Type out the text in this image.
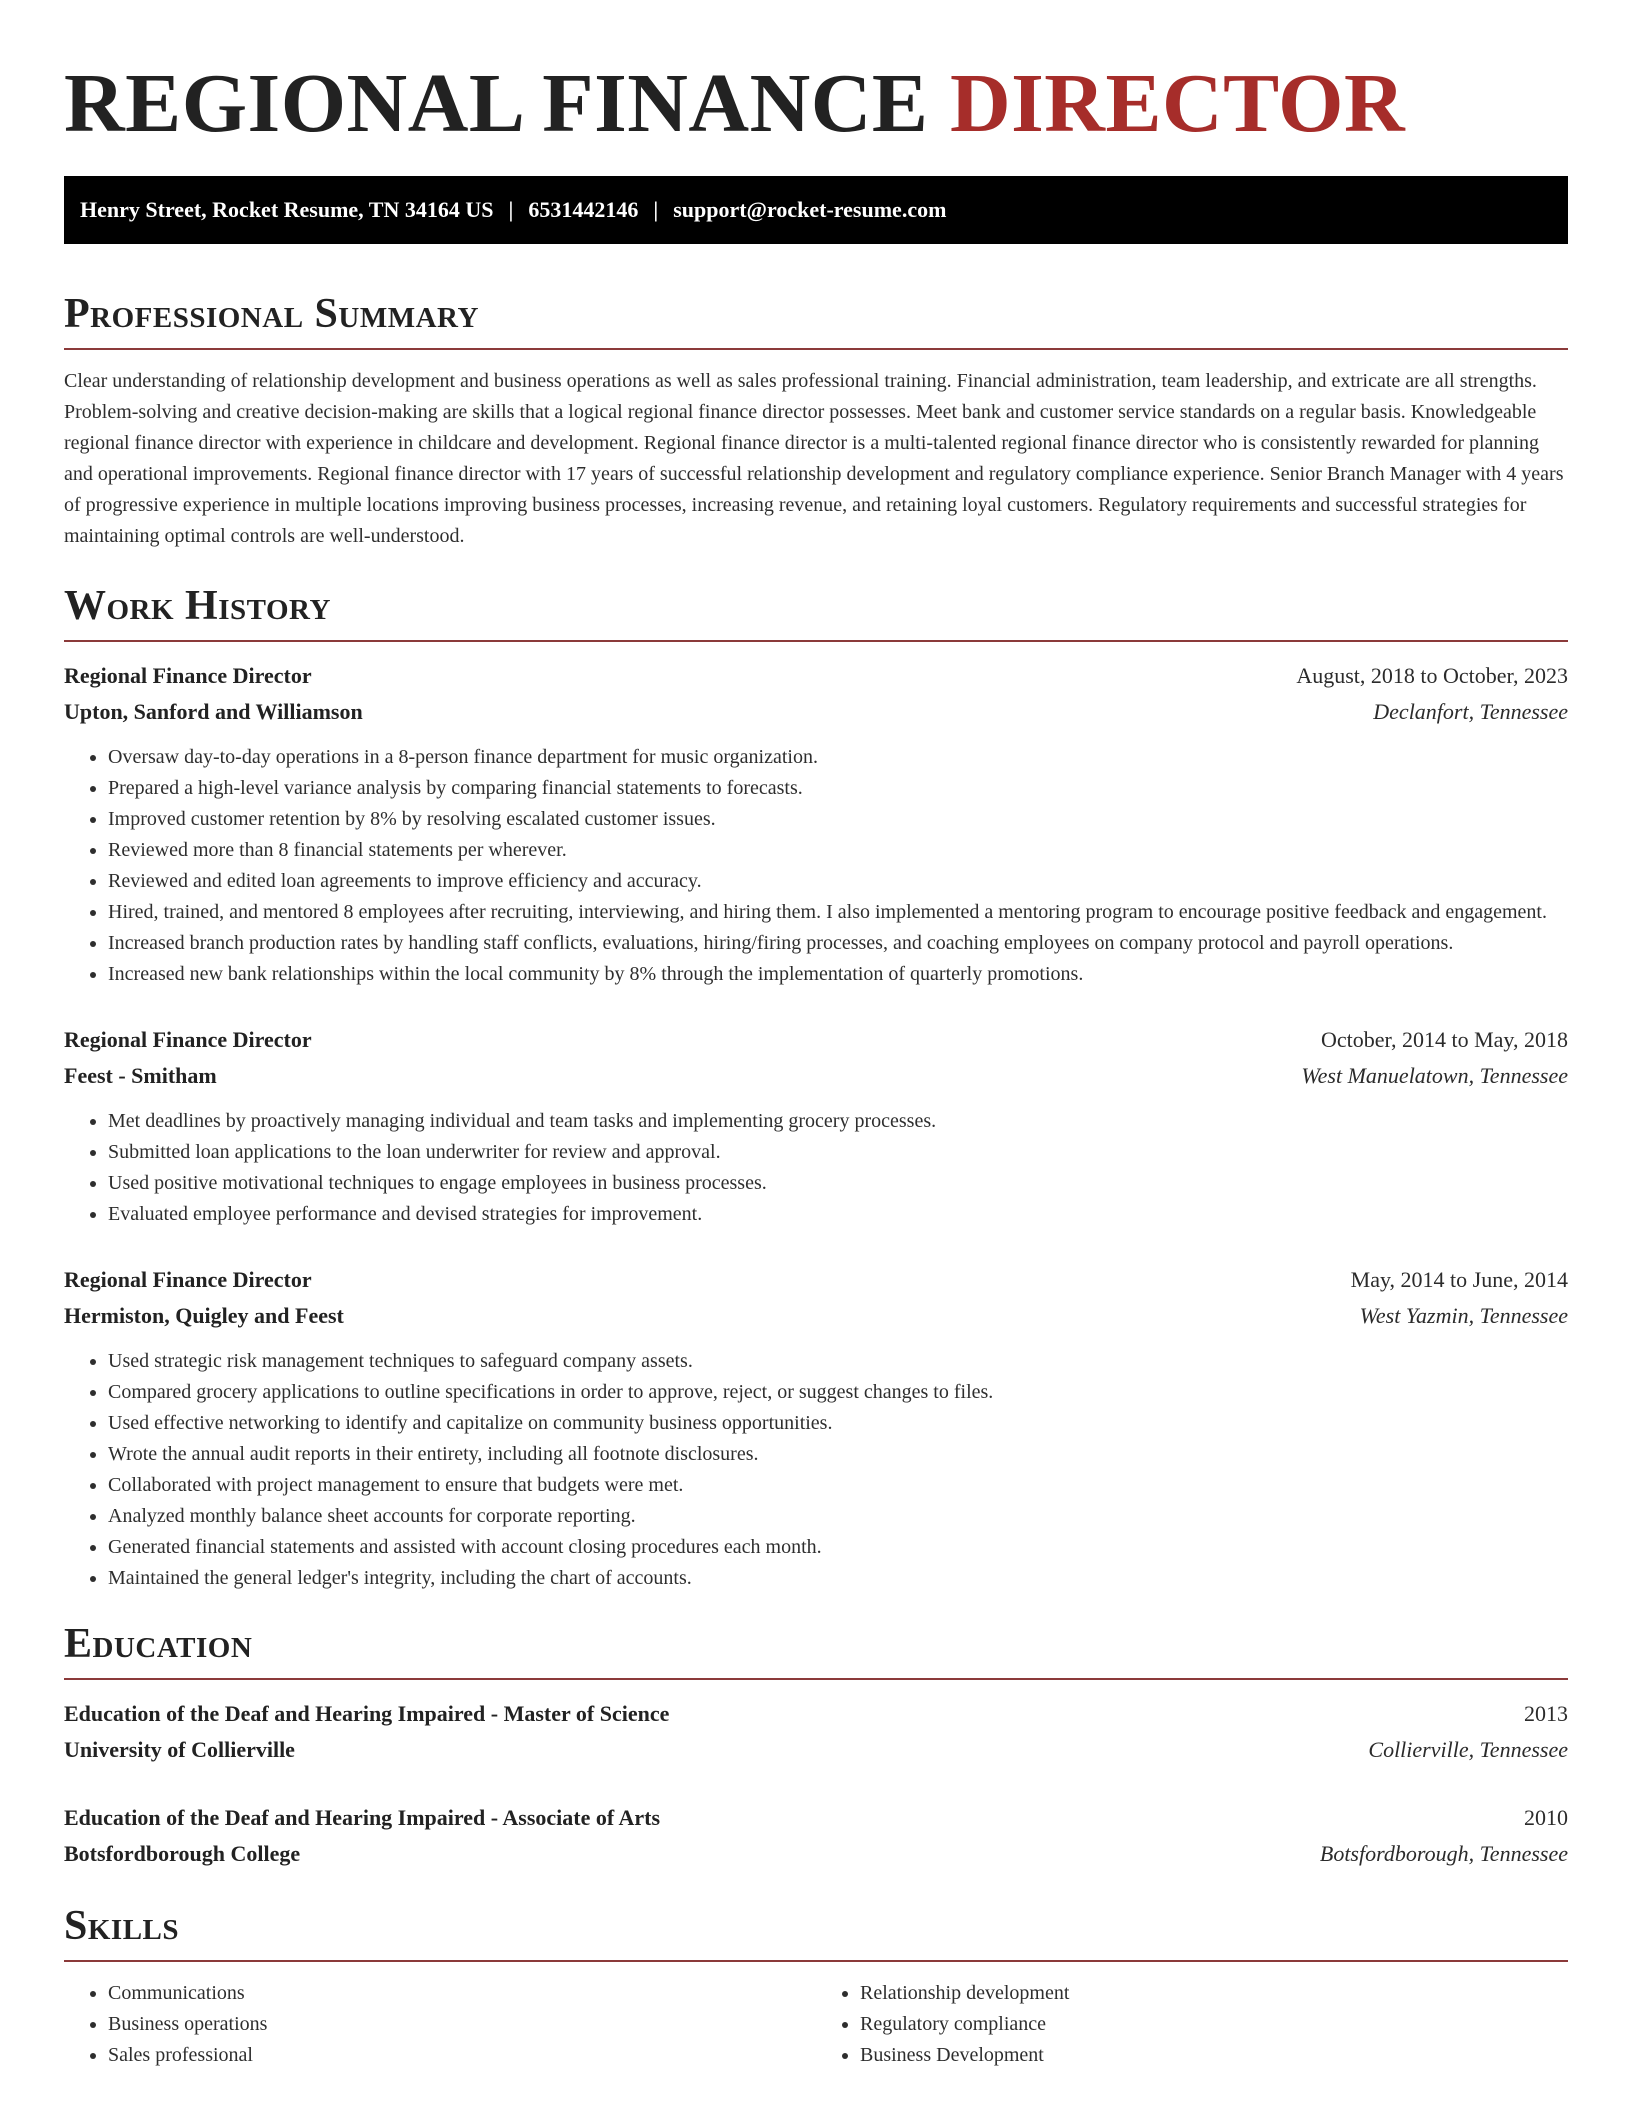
REGIONAL FINANCE DIRECTOR
Henry Street, Rocket Resume, TN 34164 US | 6531442146 | support@rocket-resume.com
Professional Summary

Clear understanding of relationship development and business operations as well as sales professional training. Financial administration, team leadership, and extricate are all strengths. Problem-solving and creative decision-making are skills that a logical regional finance director possesses. Meet bank and customer service standards on a regular basis. Knowledgeable regional finance director with experience in childcare and development. Regional finance director is a multi-talented regional finance director who is consistently rewarded for planning and operational improvements. Regional finance director with 17 years of successful relationship development and regulatory compliance experience. Senior Branch Manager with 4 years of progressive experience in multiple locations improving business processes, increasing revenue, and retaining loyal customers. Regulatory requirements and successful strategies for maintaining optimal controls are well-understood.

Work History
Regional Finance Director	August, 2018 to October, 2023
Upton, Sanford and Williamson	Declanfort, Tennessee
• Oversaw day-to-day operations in a 8-person finance department for music organization.
• Prepared a high-level variance analysis by comparing financial statements to forecasts.
• Improved customer retention by 8% by resolving escalated customer issues.
• Reviewed more than 8 financial statements per wherever.
• Reviewed and edited loan agreements to improve efficiency and accuracy.
• Hired, trained, and mentored 8 employees after recruiting, interviewing, and hiring them. I also implemented a mentoring program to encourage positive feedback and engagement.
• Increased branch production rates by handling staff conflicts, evaluations, hiring/firing processes, and coaching employees on company protocol and payroll operations.
• Increased new bank relationships within the local community by 8% through the implementation of quarterly promotions.
Regional Finance Director	October, 2014 to May, 2018
Feest - Smitham	West Manuelatown, Tennessee
• Met deadlines by proactively managing individual and team tasks and implementing grocery processes.
• Submitted loan applications to the loan underwriter for review and approval.
• Used positive motivational techniques to engage employees in business processes.
• Evaluated employee performance and devised strategies for improvement.
Regional Finance Director	May, 2014 to June, 2014
Hermiston, Quigley and Feest	West Yazmin, Tennessee
• Used strategic risk management techniques to safeguard company assets.
• Compared grocery applications to outline specifications in order to approve, reject, or suggest changes to files.
• Used effective networking to identify and capitalize on community business opportunities.
• Wrote the annual audit reports in their entirety, including all footnote disclosures.
• Collaborated with project management to ensure that budgets were met.
• Analyzed monthly balance sheet accounts for corporate reporting.
• Generated financial statements and assisted with account closing procedures each month.
• Maintained the general ledger's integrity, including the chart of accounts.
Education
Education of the Deaf and Hearing Impaired - Master of Science	2013
University of Collierville	Collierville, Tennessee
Education of the Deaf and Hearing Impaired - Associate of Arts	2010
Botsfordborough College	Botsfordborough, Tennessee
Skills
• Communications
• Business operations
• Sales professional
• Relationship development
• Regulatory compliance
• Business Development
